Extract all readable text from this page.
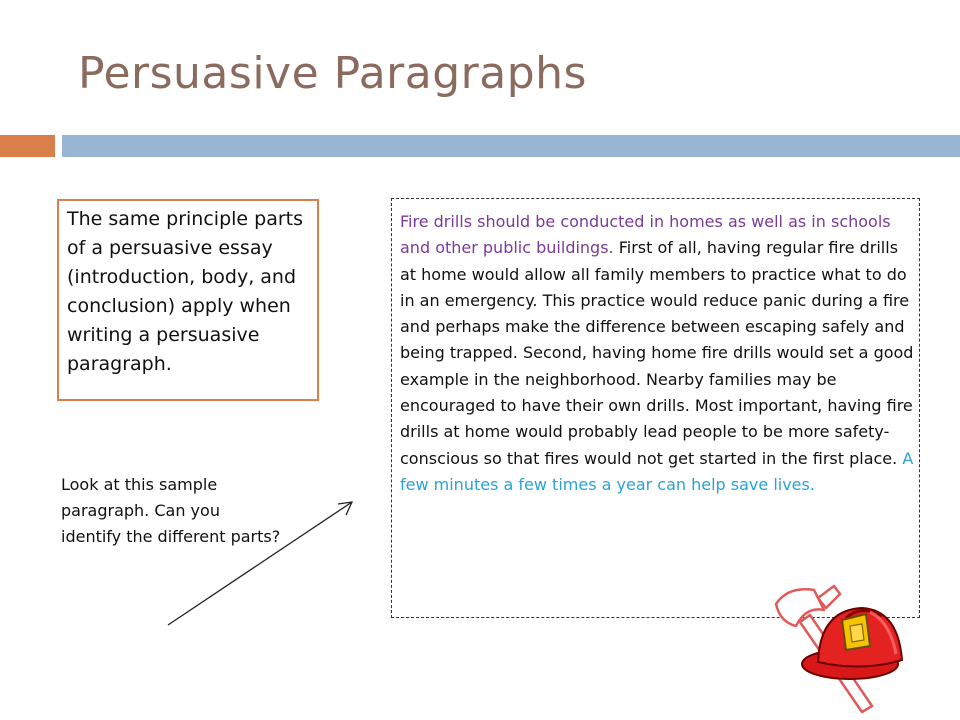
Persuasive Paragraphs
The same principle parts of a persuasive essay (introduction, body, and conclusion) apply when writing a persuasive paragraph.
Look at this sample paragraph. Can you identify the different parts?

Fire drills should be conducted in homes as well as in schools and other public buildings. First of all, having regular fire drills at home would allow all family members to practice what to do in an emergency. This practice would reduce panic during a fire and perhaps make the difference between escaping safely and being trapped. Second, having home fire drills would set a good example in the neighborhood. Nearby families may be encouraged to have their own drills. Most important, having fire drills at home would probably lead people to be more safety-conscious so that fires would not get started in the first place. A few minutes a few times a year can help save lives.
